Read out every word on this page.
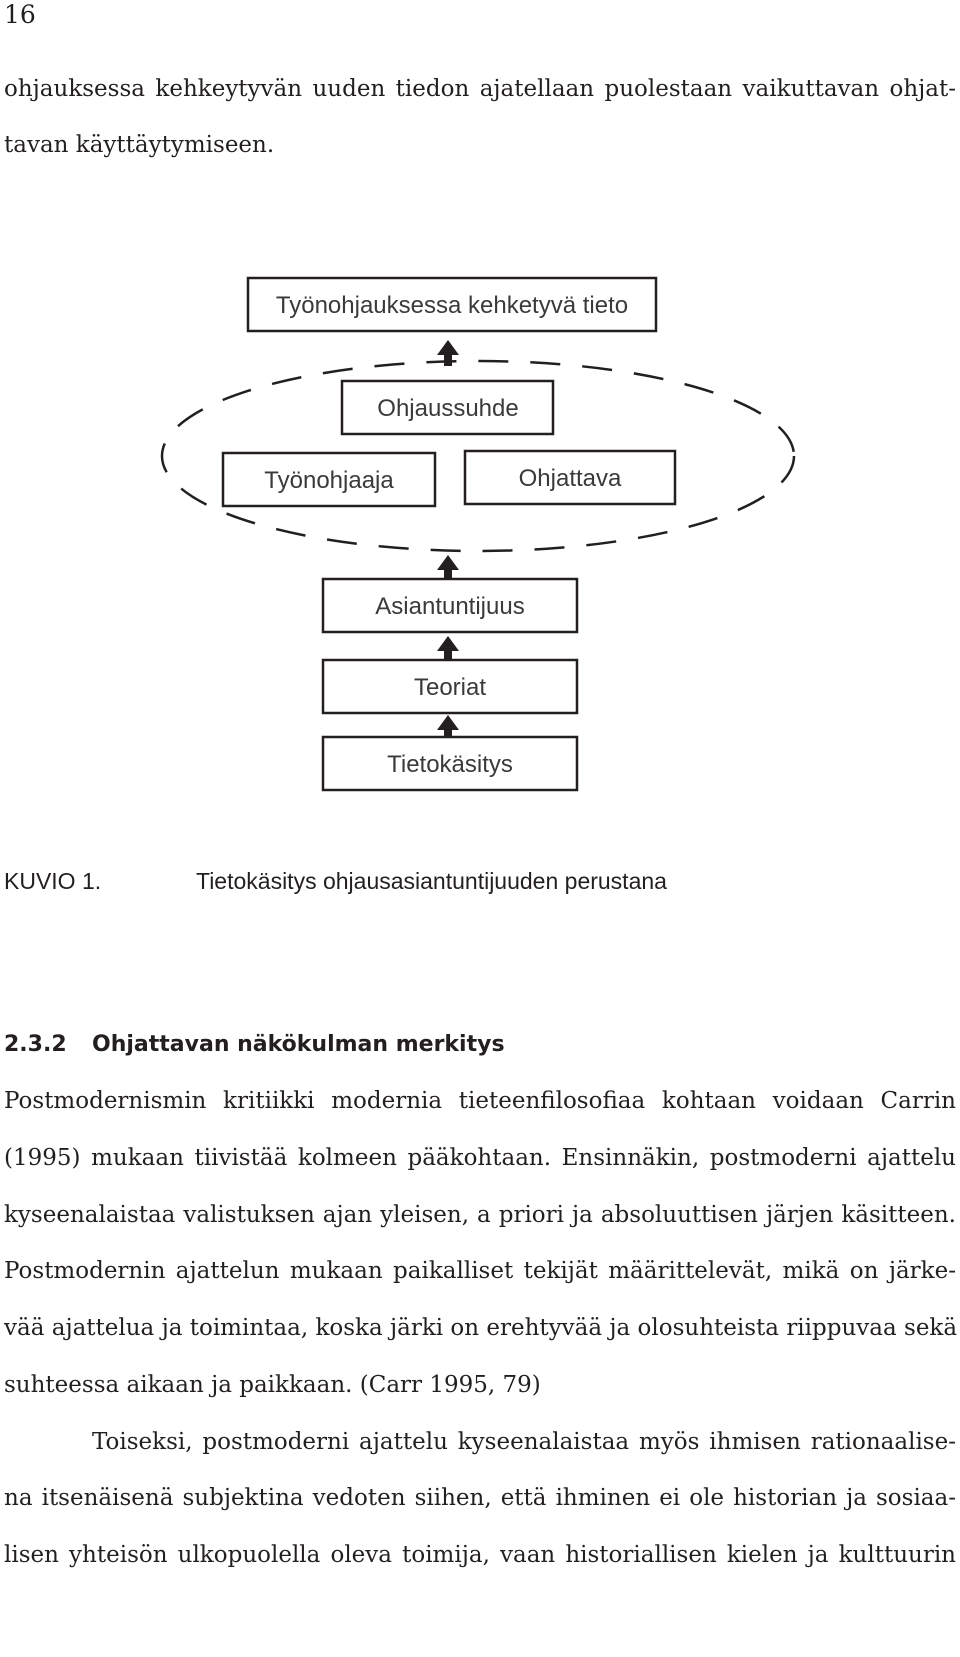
16
ohjauksessa kehkeytyvän uuden tiedon ajatellaan puolestaan vaikuttavan ohjat-
tavan käyttäytymiseen.
Työnohjauksessa kehketyvä tieto
Ohjaussuhde
Työnohjaaja	Ohjattava
Asiantuntijuus
Teoriat
Tietokäsitys
KUVIO 1.	Tietokäsitys ohjausasiantuntijuuden perustana
2.3.2 Ohjattavan näkökulman merkitys
Postmodernismin kritiikki modernia tieteenfilosofiaa kohtaan voidaan Carrin
(1995) mukaan tiivistää kolmeen pääkohtaan. Ensinnäkin, postmoderni ajattelu
kyseenalaistaa valistuksen ajan yleisen, a priori ja absoluuttisen järjen käsitteen.
Postmodernin ajattelun mukaan paikalliset tekijät määrittelevät, mikä on järke-
vää ajattelua ja toimintaa, koska järki on erehtyvää ja olosuhteista riippuvaa sekä
suhteessa aikaan ja paikkaan. (Carr 1995, 79)
Toiseksi, postmoderni ajattelu kyseenalaistaa myös ihmisen rationaalise-
na itsenäisenä subjektina vedoten siihen, että ihminen ei ole historian ja sosiaa-
lisen yhteisön ulkopuolella oleva toimija, vaan historiallisen kielen ja kulttuurin
